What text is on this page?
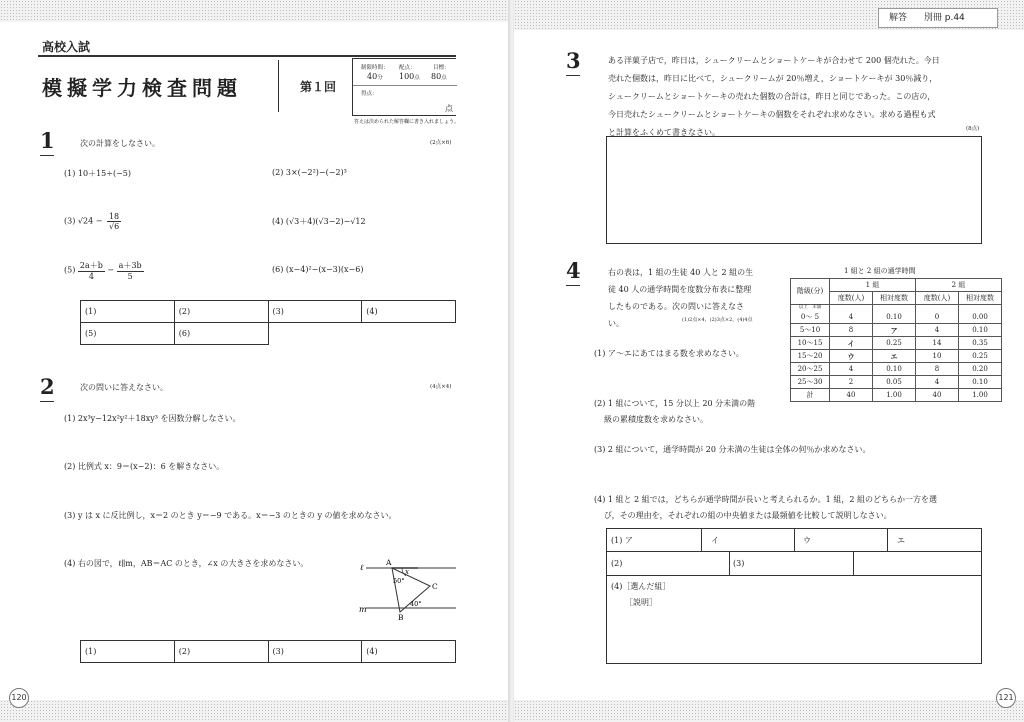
120
高校入試
模擬学力検査問題	第１回
制限時間： 配点：	目標：
40分 100点 80点
得点：
点
答えは決められた解答欄に書き入れましょう。
1	次の計算をしなさい。	(2点×6)
(1) 10＋15÷(−5)	(2) 3×(−2²)−(−2)³
(3) $√24 - \frac{18}{√6}$	(4) (√3＋4)(√3−2)−√12
$(5) \frac{2a+b}{4} - \frac{a+3b}{5}$	(6) (x−4)²−(x−3)(x−6)
(1)	(2)	(3)	(4)
(5)	(6)		
2	次の問いに答えなさい。	(4点×4)
(1) 2x³y−12x²y²＋18xy³ を因数分解しなさい。
(2) 比例式 x：9＝(x−2)：6 を解きなさい。
(3) y は x に反比例し，x＝2 のとき y＝−9 である。x＝−3 のときの y の値を求めなさい。
(4) 右の図で，ℓ∥m，AB＝AC のとき，∠x の大きさを求めなさい。	ℓ
m
A
B
C
x
50°
40°
(1)	(2)	(3)	(4)
解答 別冊 p.44
121
3	ある洋菓子店で，昨日は，シュークリームとショートケーキが合わせて 200 個売れた。今日
売れた個数は，昨日に比べて，シュークリームが 20％増え，ショートケーキが 30％減り，
シュークリームとショートケーキの売れた個数の合計は，昨日と同じであった。この店の，
今日売れたシュークリームとショートケーキの個数をそれぞれ求めなさい。求める過程も式
と計算をふくめて書きなさい。	(8点)
4	右の表は，1 組の生徒 40 人と 2 組の生
徒 40 人の通学時間を度数分布表に整理
したものである。次の問いに答えなさ
い。	(1)2点×4，(2)3点×2，(4)4点
(1) ア〜エにあてはまる数を求めなさい。
(2) 1 組について，15 分以上 20 分未満の階
級の累積度数を求めなさい。
(3) 2 組について，通学時間が 20 分未満の生徒は全体の何％か求めなさい。
(4) 1 組と 2 組では，どちらが通学時間が長いと考えられるか。1 組，2 組のどちらか一方を選
び，その理由を，それぞれの組の中央値または最頻値を比較して説明しなさい。
1 組と 2 組の通学時間
階級(分)	1 組		2 組	
	度数(人)	相対度数	度数(人)	相対度数
以上　未満				
0〜 5	4	0.10	0	0.00
5〜10	8	ア	4	0.10
10〜15	イ	0.25	14	0.35
15〜20	ウ	エ	10	0.25
20〜25	4	0.10	8	0.20
25〜30	2	0.05	4	0.10
計	40	1.00	40	1.00
(1) ア	イ	ウ	エ
(2)	(3)
(4)［選んだ組］
［説明］
